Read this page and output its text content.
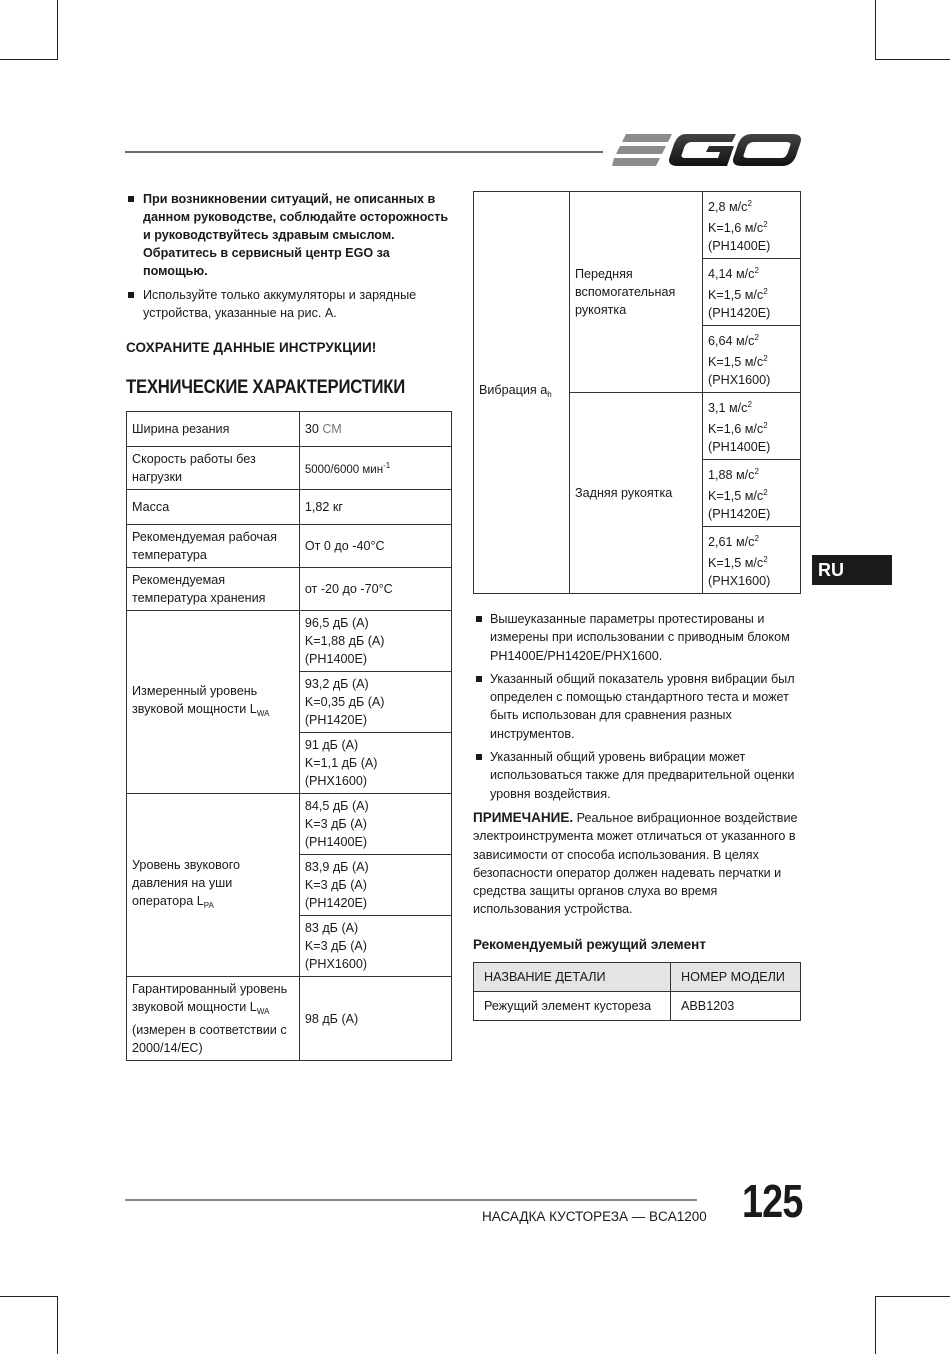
При возникновении ситуаций, не описанных в данном руководстве, соблюдайте осторожность и руководствуйтесь здравым смыслом. Обратитесь в сервисный центр EGO за помощью.
Используйте только аккумуляторы и зарядные устройства, указанные на рис. А.
СОХРАНИТЕ ДАННЫЕ ИНСТРУКЦИИ!
ТЕХНИЧЕСКИЕ ХАРАКТЕРИСТИКИ
Ширина резания	30 СМ
Скорость работы без нагрузки	5000/6000 мин$^{-1}$
Масса	1,82 кг
Рекомендуемая рабочая температура	От 0 до -40°С
Рекомендуемая температура хранения	от -20 до -70°С
Измеренный уровень звуковой мощности $L_{WA}$	96,5 дБ (A)
K=1,88 дБ (A)
(PH1400E)

	93,2 дБ (A)
K=0,35 дБ (A)
(PH1420E)

	91 дБ (A)
K=1,1 дБ (A)
(PHX1600)

Уровень звукового давления на уши оператора $L_{PA}$	84,5 дБ (A)
K=3 дБ (A)
(PH1400E)

	83,9 дБ (A)
K=3 дБ (A)
(PH1420E)

	83 дБ (A)
K=3 дБ (A)
(PHX1600)

Гарантированный уровень звуковой мощности $L_{WA}$ (измерен в соответствии с 2000/14/EC)	98 дБ (A)
Вибрация $a_h$	Передняя вспомогательная рукоятка	2,8 $м/с^2$
K=1,6 $м/с^2$
(PH1400E)

		4,14 $м/с^2$
K=1,5 $м/с^2$
(PH1420E)

		6,64 $м/с^2$
K=1,5 $м/с^2$
(PHX1600)

	Задняя рукоятка	3,1 $м/с^2$
K=1,6 $м/с^2$
(PH1400E)

		1,88 $м/с^2$
K=1,5 $м/с^2$
(PH1420E)

		2,61 $м/с^2$
K=1,5 $м/с^2$
(PHX1600)
Вышеуказанные параметры протестированы и измерены при использовании с приводным блоком PH1400E/PH1420E/PHX1600.
Указанный общий показатель уровня вибрации был определен с помощью стандартного теста и может быть использован для сравнения разных инструментов.
Указанный общий уровень вибрации может использоваться также для предварительной оценки уровня воздействия.
ПРИМЕЧАНИЕ. Реальное вибрационное воздействие электроинструмента может отличаться от указанного в зависимости от способа использования. В целях безопасности оператор должен надевать перчатки и средства защиты органов слуха во время использования устройства.
Рекомендуемый режущий элемент
НАЗВАНИЕ ДЕТАЛИ	НОМЕР МОДЕЛИ
Режущий элемент кустореза	ABB1203
RU
НАСАДКА КУСТОРЕЗА — BCA1200 125
